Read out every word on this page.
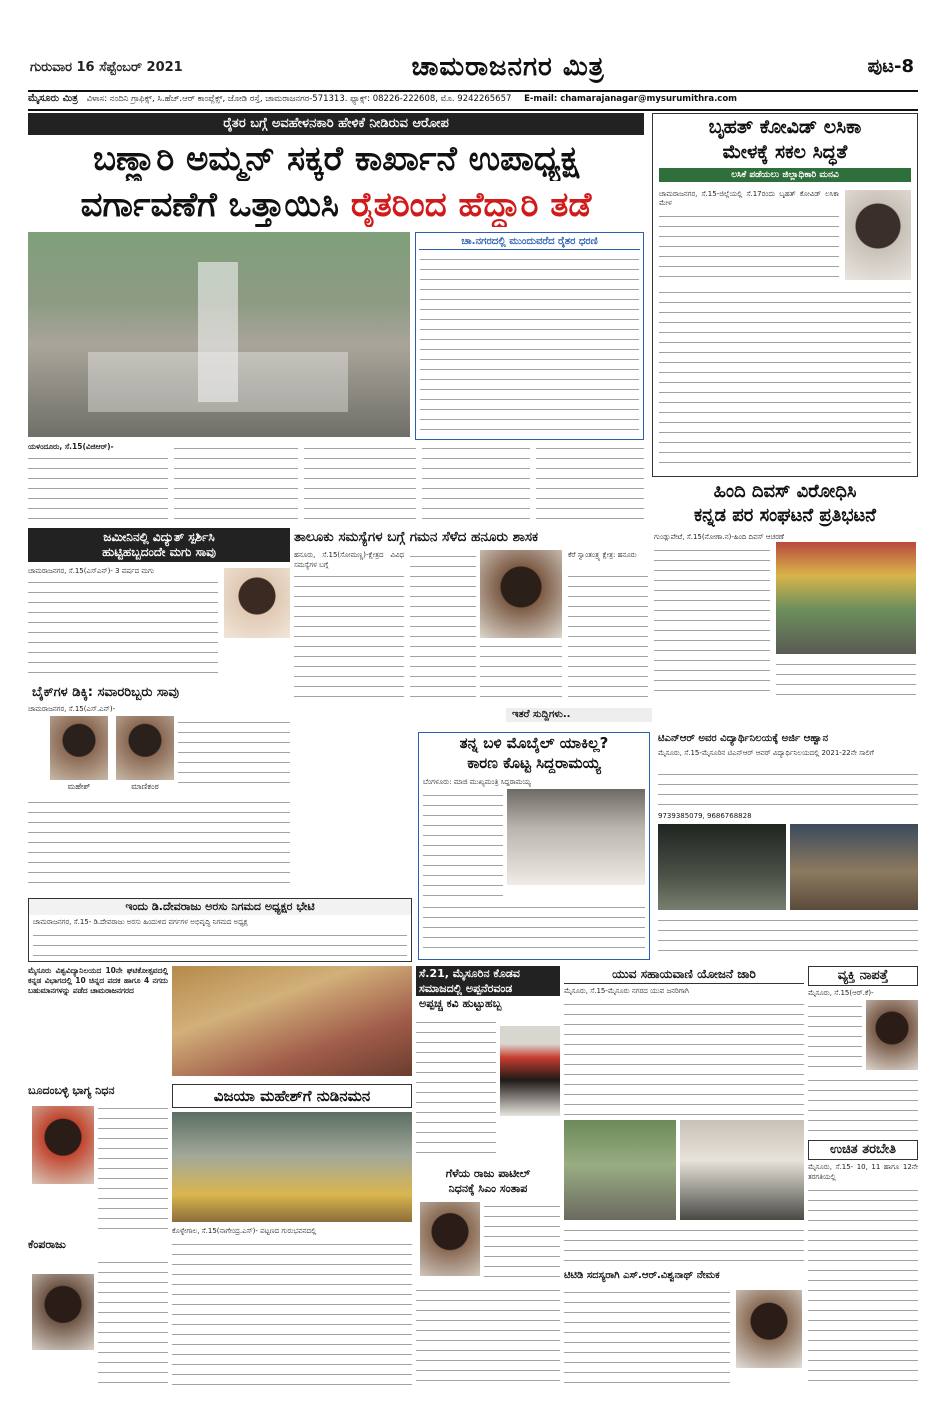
ಗುರುವಾರ 16 ಸೆಪ್ಟೆಂಬರ್ 2021	ಚಾಮರಾಜನಗರ ಮಿತ್ರ	ಪುಟ-8
ಮೈಸೂರು ಮಿತ್ರ ವಿಳಾಸ: ನಂದಿನಿ ಗ್ರಾಫಿಕ್ಸ್, ಸಿ.ಹೆಚ್.ಆರ್ ಕಾಂಪ್ಲೆಕ್ಸ್, ಜೋಡಿ ರಸ್ತೆ, ಚಾಮರಾಜನಗರ-571313. ಫ್ಯಾಕ್ಸ್: 08226-222608, ಮೊ. 9242265657 E-mail: chamarajanagar@mysurumithra.com
ರೈತರ ಬಗ್ಗೆ ಅವಹೇಳನಕಾರಿ ಹೇಳಿಕೆ ನೀಡಿರುವ ಆರೋಪ
ಬಣ್ಣಾರಿ ಅಮ್ಮನ್ ಸಕ್ಕರೆ ಕಾರ್ಖಾನೆ ಉಪಾಧ್ಯಕ್ಷ
ವರ್ಗಾವಣೆಗೆ ಒತ್ತಾಯಿಸಿ ರೈತರಿಂದ ಹೆದ್ದಾರಿ ತಡೆ
ಚಾ.ನಗರದಲ್ಲಿ ಮುಂದುವರೆದ ರೈತರ ಧರಣಿ
ಯಳಂದೂರು, ಸೆ.15(ವಿಜಿಆರ್)-
ಬೃಹತ್ ಕೋವಿಡ್ ಲಸಿಕಾ
ಮೇಳಕ್ಕೆ ಸಕಲ ಸಿದ್ಧತೆ
ಲಸಿಕೆ ಪಡೆಯಲು ಜಿಲ್ಲಾಧಿಕಾರಿ ಮನವಿ
ಚಾಮರಾಜನಗರ, ಸೆ.15-ಜಿಲ್ಲೆಯಲ್ಲಿ ಸೆ.17ರಂದು ಬೃಹತ್ ಕೋವಿಡ್ ಲಸಿಕಾ ಮೇಳ
ಹಿಂದಿ ದಿವಸ್ ವಿರೋಧಿಸಿ
ಕನ್ನಡ ಪರ ಸಂಘಟನೆ ಪ್ರತಿಭಟನೆ
ಗುಂಡ್ಲುಪೇಟೆ, ಸೆ.15(ನೋಣಾ.ನ)-ಹಿಂದಿ ದಿವಸ್ ಆಚರಣೆ
ಜಮೀನಿನಲ್ಲಿ ವಿದ್ಯುತ್ ಸ್ಪರ್ಶಿಸಿ
ಹುಟ್ಟಿಹಬ್ಬದಂದೇ ಮಗು ಸಾವು
ಚಾಮರಾಜನಗರ, ಸೆ.15(ಎಸ್‌ಎನ್)- 3 ವರ್ಷದ ಮಗು
ಬೈಕ್‌ಗಳ ಡಿಕ್ಕಿ: ಸವಾರರಿಬ್ಬರು ಸಾವು
ಚಾಮರಾಜನಗರ, ಸೆ.15(ಎಸ್.ಎನ್)-
ಮಹೇಶ್	ಮಾಣಿಕಂಠ
ತಾಲೂಕು ಸಮಸ್ಯೆಗಳ ಬಗ್ಗೆ ಗಮನ ಸೆಳೆದ ಹನೂರು ಶಾಸಕ
ಹನೂರು, ಸೆ.15(ಸೋಮಣ್ಣ)-ಕ್ಷೇತ್ರದ ವಿವಿಧ ಸಮಸ್ಯೆಗಳ ಬಗ್ಗೆ
ಕೆರೆ ಸ್ವಾಂತಂತ್ರ್ಯ ಕ್ಷೇತ್ರ: ಹನೂರು
ಇತರೆ ಸುದ್ದಿಗಳು..
ಇಂದು ಡಿ.ದೇವರಾಜು ಅರಸು ನಿಗಮದ ಅಧ್ಯಕ್ಷರ ಭೇಟಿ
ಚಾಮರಾಜನಗರ, ಸೆ.15- ಡಿ.ದೇವರಾಜು ಅರಸು ಹಿಂದುಳಿದ ವರ್ಗಗಳ ಅಭಿವೃದ್ಧಿ ನಿಗಮದ ಅಧ್ಯಕ್ಷ
ತನ್ನ ಬಳಿ ಮೊಬೈಲ್ ಯಾಕಿಲ್ಲ?
ಕಾರಣ ಕೊಟ್ಟ ಸಿದ್ದರಾಮಯ್ಯ
ಬೆಂಗಳೂರು: ಮಾಜಿ ಮುಖ್ಯಮಂತ್ರಿ ಸಿದ್ದರಾಮಯ್ಯ
ಟಿಎನ್‌ಆರ್ ಅವರ ವಿದ್ಯಾರ್ಥಿನಿಲಯಕ್ಕೆ ಅರ್ಜಿ ಆಹ್ವಾನ
ಮೈಸೂರು, ಸೆ.15-ಮೈಸೂರಿನ ಟಿಎನ್‌ಆರ್ ಆವರ್ ವಿದ್ಯಾರ್ಥಿನಿಲಯದಲ್ಲಿ 2021-22ನೇ ಸಾಲಿಗೆ
9739385079, 9686768828
ಮೈಸೂರು ವಿಶ್ವವಿದ್ಯಾನಿಲಯದ 10ನೇ ಘಟಿಕೋತ್ಸವದಲ್ಲಿ ಕನ್ನಡ ವಿಭಾಗದಲ್ಲಿ 10 ಚಿನ್ನದ ಪದಕ ಹಾಗೂ 4 ನಗದು ಬಹುಮಾನಗಳನ್ನು ಪಡೆದ ಚಾಮರಾಜನಗರದ
ಬೂದಂಬಳ್ಳಿ ಭಾಗ್ಯ ನಿಧನ
ಕೆಂಪರಾಜು
ವಿಜಯಾ ಮಹೇಶ್‌ಗೆ ನುಡಿನಮನ
ಕೊಳ್ಳೇಗಾಲ, ಸೆ.15(ನಾಗೇಂದ್ರ.ಎಸ್)- ಪಟ್ಟಣದ ಗುರುಭವನದಲ್ಲಿ
ಸೆ.21, ಮೈಸೂರಿನ ಕೊಡವ
ಸಮಾಜದಲ್ಲಿ ಅಪ್ಪನೆರವಂಡ
ಅಪ್ಪಚ್ಚ ಕವಿ ಹುಟ್ಟುಹಬ್ಬ
ಗೆಳೆಯ ರಾಜು ಪಾಟೀಲ್
ನಿಧನಕ್ಕೆ ಸಿಎಂ ಸಂತಾಪ
ಯುವ ಸಹಾಯವಾಣಿ ಯೋಜನೆ ಜಾರಿ
ಮೈಸೂರು, ಸೆ.15-ಮೈಸೂರು ನಗರದ ಯುವ ಜನರಿಗಾಗಿ
ಟಿಟಿಡಿ ಸದಸ್ಯರಾಗಿ ಎಸ್.ಆರ್.ವಿಶ್ವನಾಥ್ ನೇಮಕ
ವ್ಯಕ್ತಿ ನಾಪತ್ತೆ
ಮೈಸೂರು, ಸೆ.15(ಆರ್.ಕೆ)-
ಉಚಿತ ತರಬೇತಿ
ಮೈಸೂರು, ಸೆ.15- 10, 11 ಹಾಗೂ 12ನೇ ತರಗತಿಯಲ್ಲಿ
